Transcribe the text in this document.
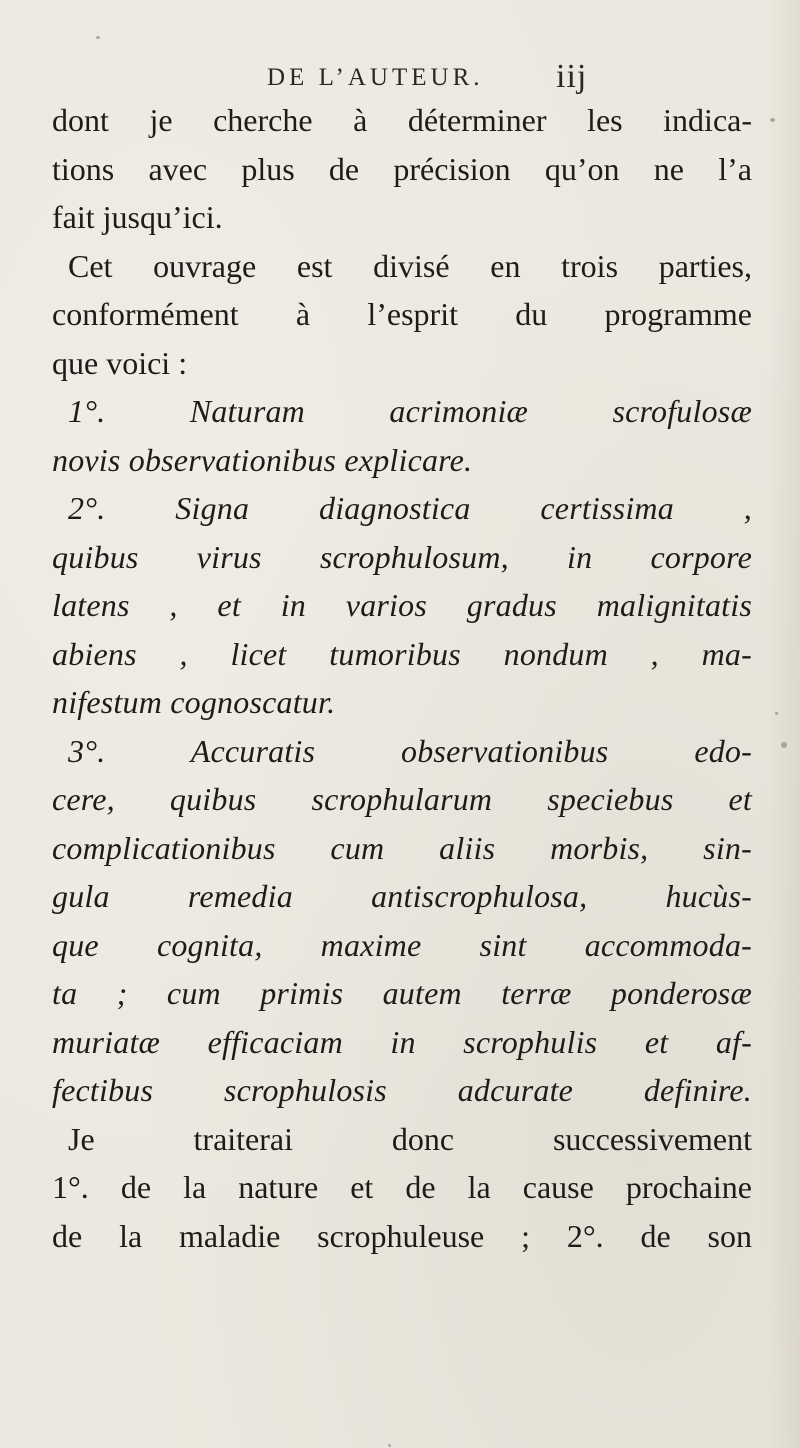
DE L’AUTEUR. iij
dont je cherche à déterminer les indica-
tions avec plus de précision qu’on ne l’a
fait jusqu’ici.
Cet ouvrage est divisé en trois parties,
conformément à l’esprit du programme
que voici :
1°. Naturam acrimoniæ scrofulosæ
novis observationibus explicare.
2°. Signa diagnostica certissima ,
quibus virus scrophulosum, in corpore
latens , et in varios gradus malignitatis
abiens , licet tumoribus nondum , ma-
nifestum cognoscatur.
3°. Accuratis observationibus edo-
cere, quibus scrophularum speciebus et
complicationibus cum aliis morbis, sin-
gula remedia antiscrophulosa, hucùs-
que cognita, maxime sint accommoda-
ta ; cum primis autem terræ ponderosæ
muriatæ efficaciam in scrophulis et af-
fectibus scrophulosis adcurate definire.
Je traiterai donc successivement
1°. de la nature et de la cause prochaine
de la maladie scrophuleuse ; 2°. de son
